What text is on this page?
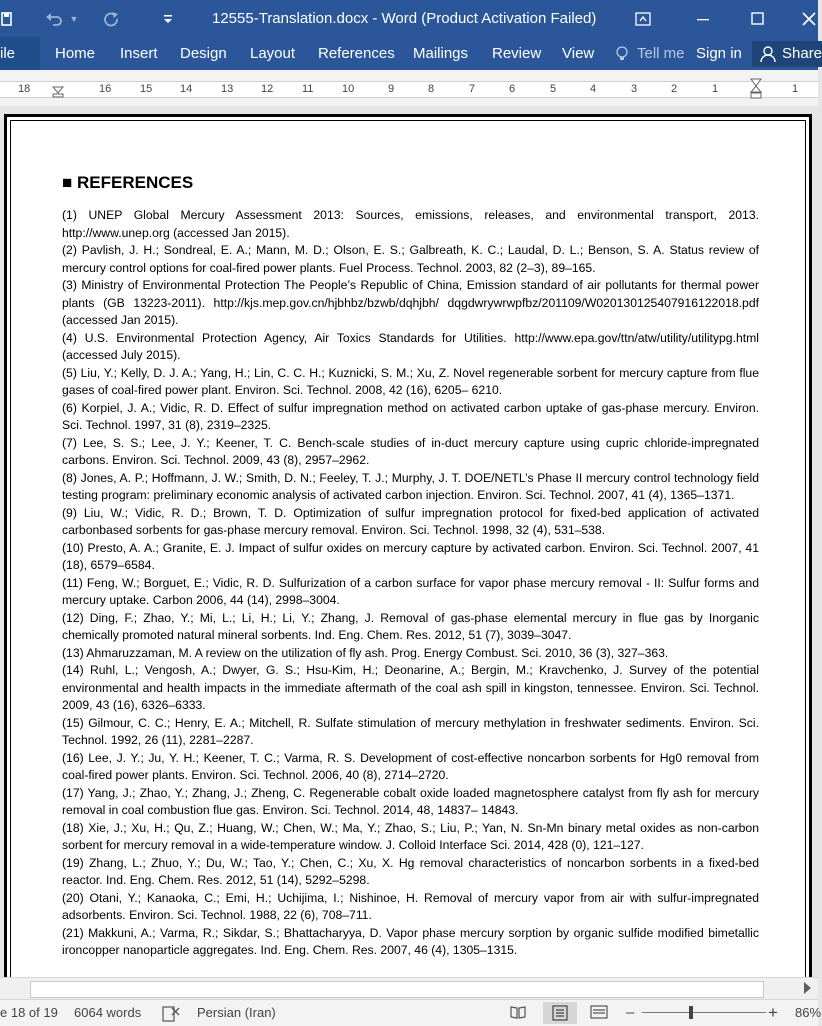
▼	12555-Translation.docx - Word (Product Activation Failed)
ile	Home Insert Design Layout References Mailings Review View	Tell me Sign in	Share
18	16	15	14	13	12	11	10	9	8	7	6	5	4	3	2	1	1
■ REFERENCES

(1) UNEP Global Mercury Assessment 2013: Sources, emissions, releases, and environmental transport, 2013. http://www.unep.org (accessed Jan 2015).

(2) Pavlish, J. H.; Sondreal, E. A.; Mann, M. D.; Olson, E. S.; Galbreath, K. C.; Laudal, D. L.; Benson, S. A. Status review of mercury control options for coal-fired power plants. Fuel Process. Technol. 2003, 82 (2–3), 89–165.

(3) Ministry of Environmental Protection The People’s Republic of China, Emission standard of air pollutants for thermal power plants (GB 13223-2011). http://kjs.mep.gov.cn/hjbhbz/bzwb/dqhjbh/ dqgdwrywrwpfbz/201109/W020130125407916122018.pdf (accessed Jan 2015).

(4) U.S. Environmental Protection Agency, Air Toxics Standards for Utilities. http://www.epa.gov/ttn/atw/utility/utilitypg.html (accessed July 2015).

(5) Liu, Y.; Kelly, D. J. A.; Yang, H.; Lin, C. C. H.; Kuznicki, S. M.; Xu, Z. Novel regenerable sorbent for mercury capture from flue gases of coal-fired power plant. Environ. Sci. Technol. 2008, 42 (16), 6205– 6210.

(6) Korpiel, J. A.; Vidic, R. D. Effect of sulfur impregnation method on activated carbon uptake of gas-phase mercury. Environ. Sci. Technol. 1997, 31 (8), 2319–2325.

(7) Lee, S. S.; Lee, J. Y.; Keener, T. C. Bench-scale studies of in-duct mercury capture using cupric chloride-impregnated carbons. Environ. Sci. Technol. 2009, 43 (8), 2957–2962.

(8) Jones, A. P.; Hoffmann, J. W.; Smith, D. N.; Feeley, T. J.; Murphy, J. T. DOE/NETL’s Phase II mercury control technology field testing program: preliminary economic analysis of activated carbon injection. Environ. Sci. Technol. 2007, 41 (4), 1365–1371.

(9) Liu, W.; Vidic, R. D.; Brown, T. D. Optimization of sulfur impregnation protocol for fixed-bed application of activated carbonbased sorbents for gas-phase mercury removal. Environ. Sci. Technol. 1998, 32 (4), 531–538.

(10) Presto, A. A.; Granite, E. J. Impact of sulfur oxides on mercury capture by activated carbon. Environ. Sci. Technol. 2007, 41 (18), 6579–6584.

(11) Feng, W.; Borguet, E.; Vidic, R. D. Sulfurization of a carbon surface for vapor phase mercury removal - II: Sulfur forms and mercury uptake. Carbon 2006, 44 (14), 2998–3004.

(12) Ding, F.; Zhao, Y.; Mi, L.; Li, H.; Li, Y.; Zhang, J. Removal of gas-phase elemental mercury in flue gas by Inorganic chemically promoted natural mineral sorbents. Ind. Eng. Chem. Res. 2012, 51 (7), 3039–3047.

(13) Ahmaruzzaman, M. A review on the utilization of fly ash. Prog. Energy Combust. Sci. 2010, 36 (3), 327–363.

(14) Ruhl, L.; Vengosh, A.; Dwyer, G. S.; Hsu-Kim, H.; Deonarine, A.; Bergin, M.; Kravchenko, J. Survey of the potential environmental and health impacts in the immediate aftermath of the coal ash spill in kingston, tennessee. Environ. Sci. Technol. 2009, 43 (16), 6326–6333.

(15) Gilmour, C. C.; Henry, E. A.; Mitchell, R. Sulfate stimulation of mercury methylation in freshwater sediments. Environ. Sci. Technol. 1992, 26 (11), 2281–2287.

(16) Lee, J. Y.; Ju, Y. H.; Keener, T. C.; Varma, R. S. Development of cost-effective noncarbon sorbents for Hg0 removal from coal-fired power plants. Environ. Sci. Technol. 2006, 40 (8), 2714–2720.

(17) Yang, J.; Zhao, Y.; Zhang, J.; Zheng, C. Regenerable cobalt oxide loaded magnetosphere catalyst from fly ash for mercury removal in coal combustion flue gas. Environ. Sci. Technol. 2014, 48, 14837– 14843.

(18) Xie, J.; Xu, H.; Qu, Z.; Huang, W.; Chen, W.; Ma, Y.; Zhao, S.; Liu, P.; Yan, N. Sn-Mn binary metal oxides as non-carbon sorbent for mercury removal in a wide-temperature window. J. Colloid Interface Sci. 2014, 428 (0), 121–127.

(19) Zhang, L.; Zhuo, Y.; Du, W.; Tao, Y.; Chen, C.; Xu, X. Hg removal characteristics of noncarbon sorbents in a fixed-bed reactor. Ind. Eng. Chem. Res. 2012, 51 (14), 5292–5298.

(20) Otani, Y.; Kanaoka, C.; Emi, H.; Uchijima, I.; Nishinoe, H. Removal of mercury vapor from air with sulfur-impregnated adsorbents. Environ. Sci. Technol. 1988, 22 (6), 708–711.

(21) Makkuni, A.; Varma, R.; Sikdar, S.; Bhattacharyya, D. Vapor phase mercury sorption by organic sulfide modified bimetallic ironcopper nanoparticle aggregates. Ind. Eng. Chem. Res. 2007, 46 (4), 1305–1315.

e 18 of 19 6064 words	Persian (Iran)	–	+ 86%
